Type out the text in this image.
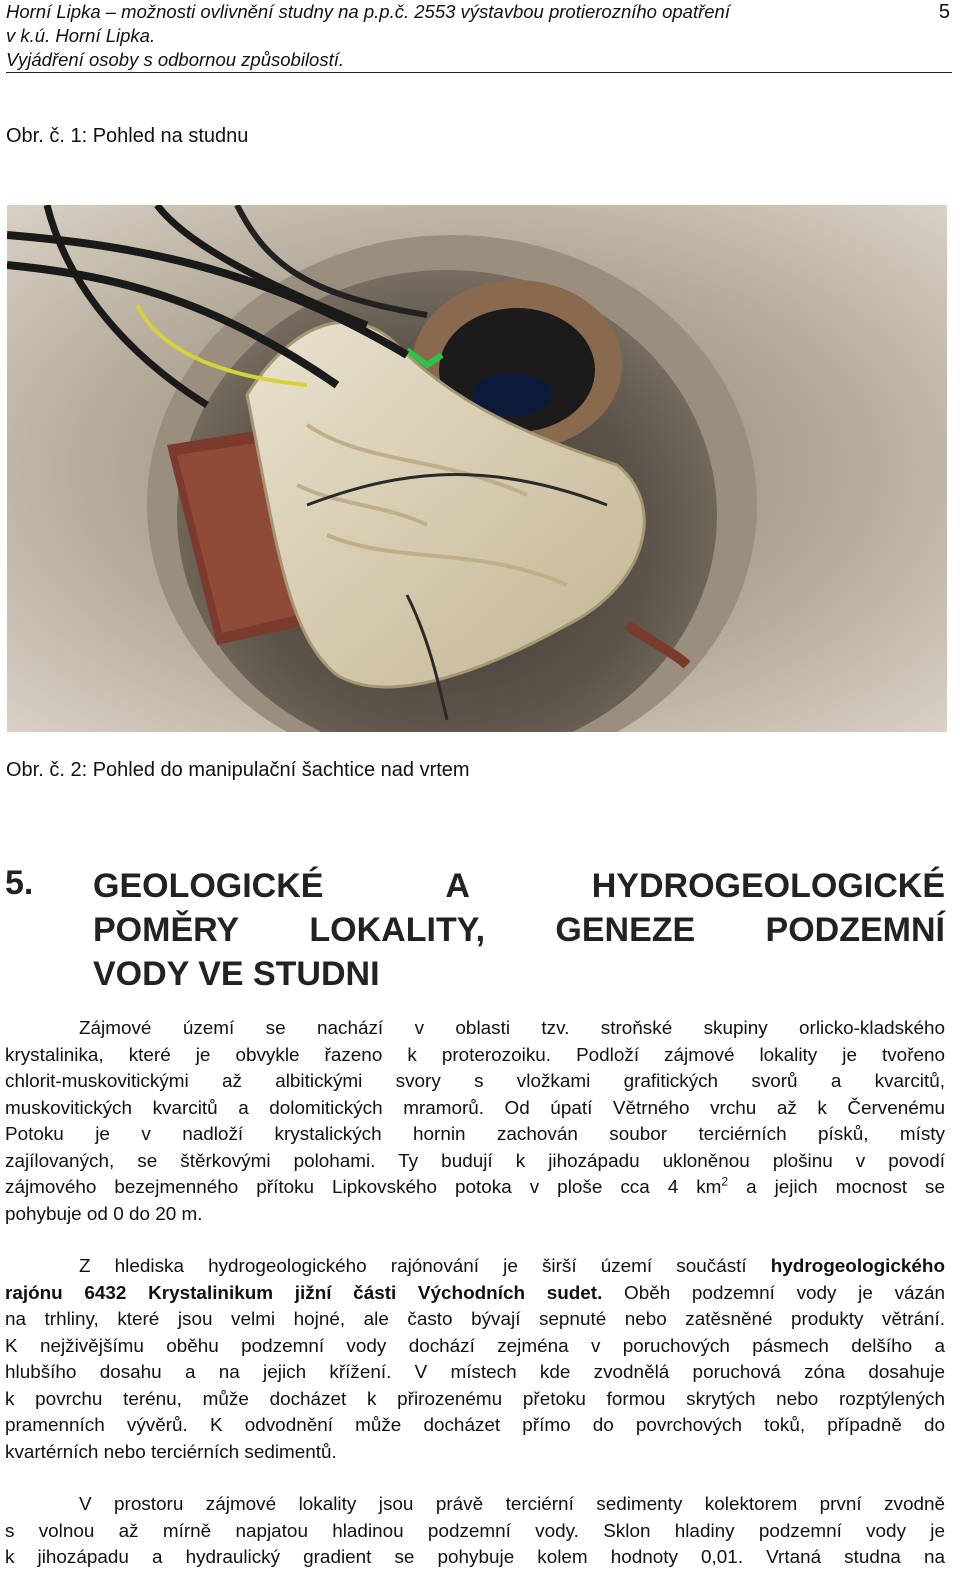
Horní Lipka – možnosti ovlivnění studny na p.p.č. 2553 výstavbou protierozního opatření
v k.ú. Horní Lipka.
Vyjádření osoby s odbornou způsobilostí.
5
Obr. č. 1: Pohled na studnu
Obr. č. 2: Pohled do manipulační šachtice nad vrtem
5. GEOLOGICKÉ	A	HYDROGEOLOGICKÉ
POMĚRY LOKALITY, GENEZE PODZEMNÍ
VODY VE STUDNI

Zájmové území se nachází v oblasti tzv. stroňské skupiny orlicko-kladského
krystalinika, které je obvykle řazeno k proterozoiku. Podloží zájmové lokality je tvořeno
chlorit-muskovitickými až albitickými svory s vložkami grafitických svorů a kvarcitů,
muskovitických kvarcitů a dolomitických mramorů. Od úpatí Větrného vrchu až k Červenému
Potoku je v nadloží krystalických hornin zachován soubor terciérních písků, místy
zajílovaných, se štěrkovými polohami. Ty budují k jihozápadu ukloněnou plošinu v povodí
zájmového bezejmenného přítoku Lipkovského potoka v ploše cca 4 $km^2$ a jejich mocnost se
pohybuje od 0 do 20 m.

Z hlediska hydrogeologického rajónování je širší území součástí hydrogeologického
rajónu 6432 Krystalinikum jižní části Východních sudet. Oběh podzemní vody je vázán
na trhliny, které jsou velmi hojné, ale často bývají sepnuté nebo zatěsněné produkty větrání.
K nejživějšímu oběhu podzemní vody dochází zejména v poruchových pásmech delšího a
hlubšího dosahu a na jejich křížení. V místech kde zvodnělá poruchová zóna dosahuje
k povrchu terénu, může docházet k přirozenému přetoku formou skrytých nebo rozptýlených
pramenních vývěrů. K odvodnění může docházet přímo do povrchových toků, případně do
kvartérních nebo terciérních sedimentů.

V prostoru zájmové lokality jsou právě terciérní sedimenty kolektorem první zvodně
s volnou až mírně napjatou hladinou podzemní vody. Sklon hladiny podzemní vody je
k jihozápadu a hydraulický gradient se pohybuje kolem hodnoty 0,01. Vrtaná studna na
